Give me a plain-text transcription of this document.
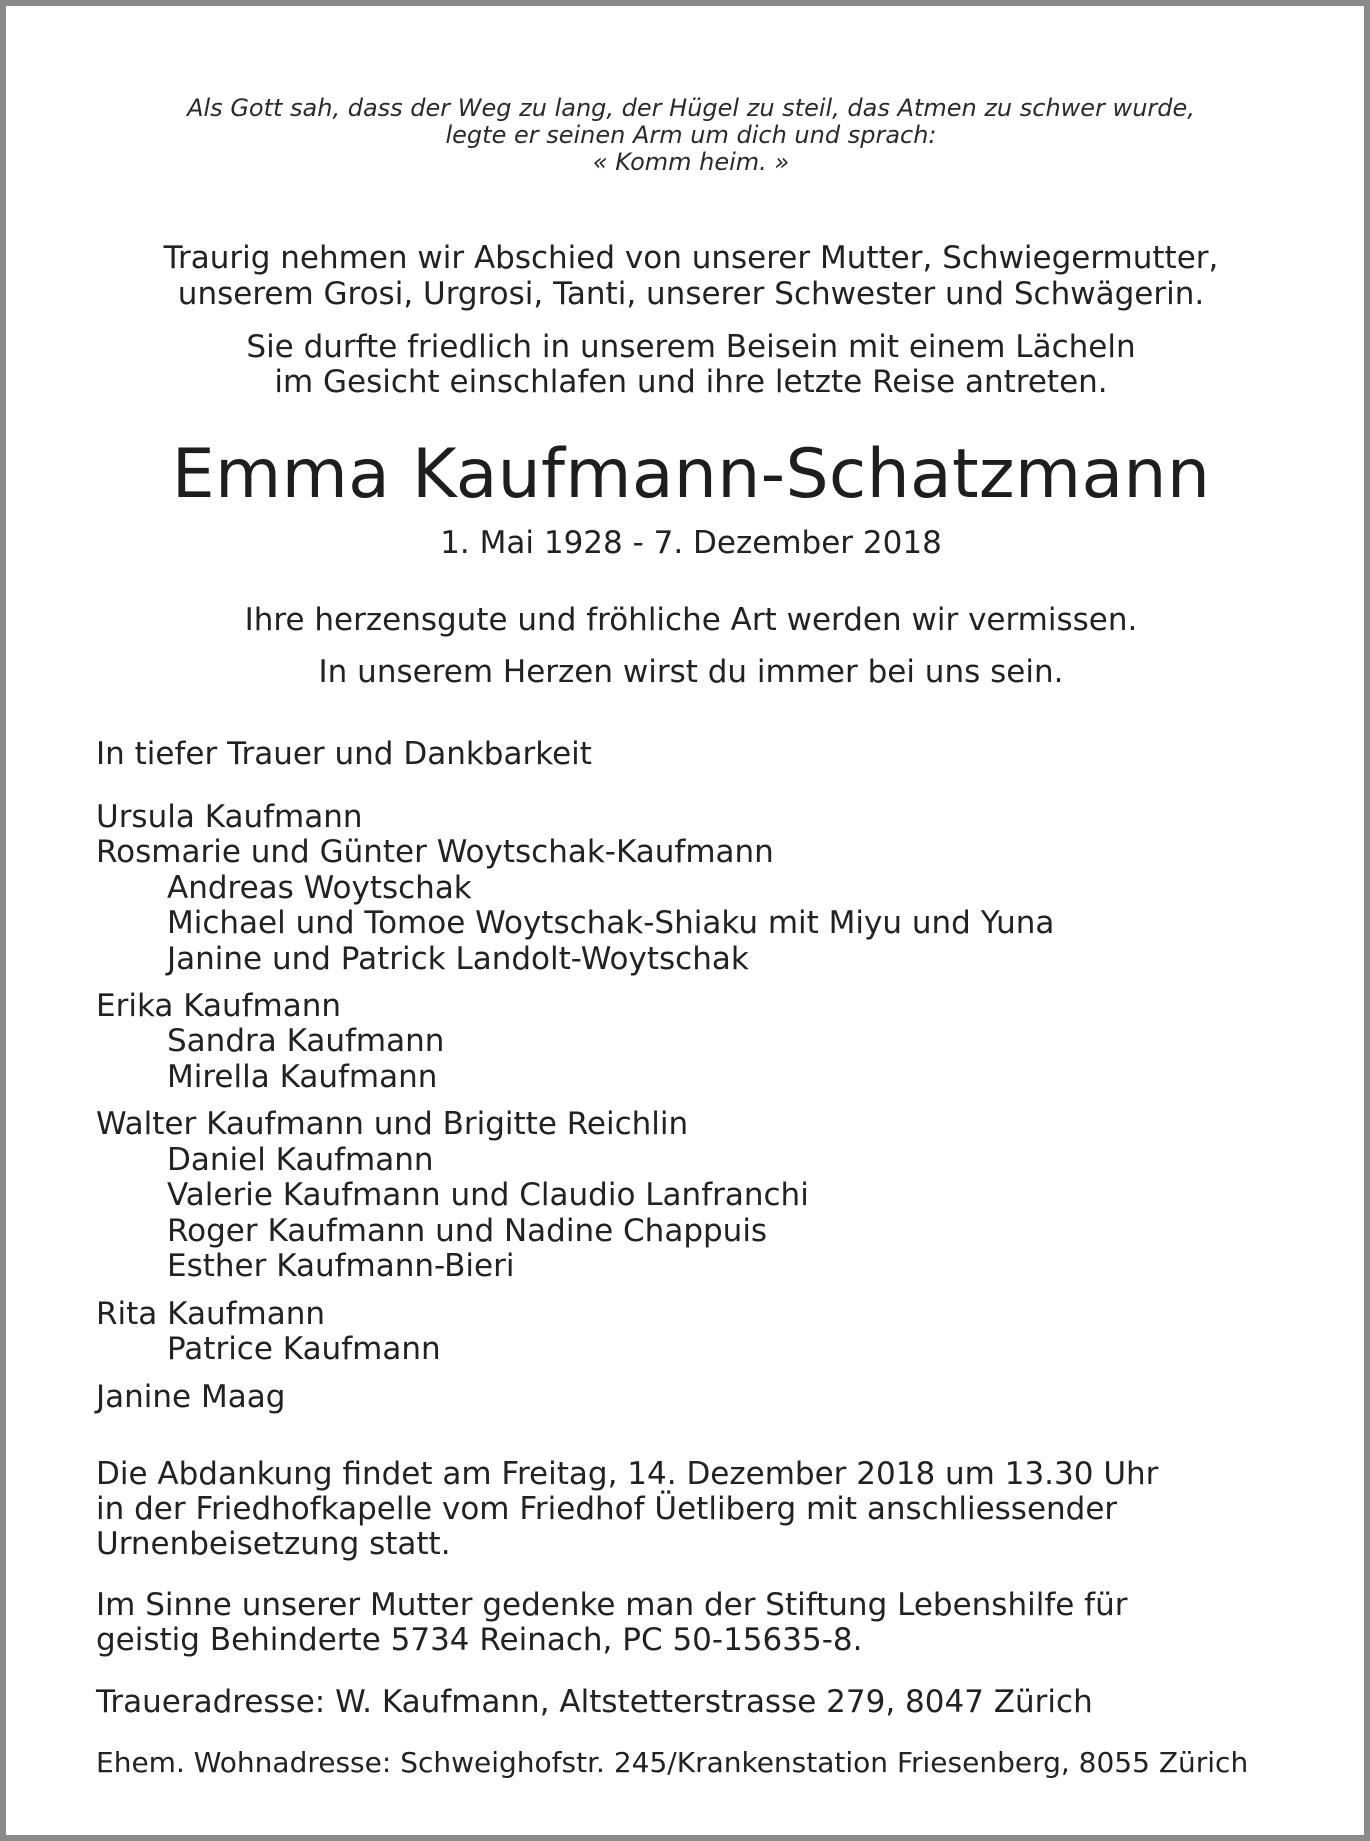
Als Gott sah, dass der Weg zu lang, der Hügel zu steil, das Atmen zu schwer wurde,
legte er seinen Arm um dich und sprach:
« Komm heim. »
Traurig nehmen wir Abschied von unserer Mutter, Schwiegermutter,
unserem Grosi, Urgrosi, Tanti, unserer Schwester und Schwägerin.
Sie durfte friedlich in unserem Beisein mit einem Lächeln
im Gesicht einschlafen und ihre letzte Reise antreten.
Emma Kaufmann-Schatzmann
1. Mai 1928 - 7. Dezember 2018
Ihre herzensgute und fröhliche Art werden wir vermissen.
In unserem Herzen wirst du immer bei uns sein.
In tiefer Trauer und Dankbarkeit
Ursula Kaufmann
Rosmarie und Günter Woytschak-Kaufmann
Andreas Woytschak
Michael und Tomoe Woytschak-Shiaku mit Miyu und Yuna
Janine und Patrick Landolt-Woytschak
Erika Kaufmann
Sandra Kaufmann
Mirella Kaufmann
Walter Kaufmann und Brigitte Reichlin
Daniel Kaufmann
Valerie Kaufmann und Claudio Lanfranchi
Roger Kaufmann und Nadine Chappuis
Esther Kaufmann-Bieri
Rita Kaufmann
Patrice Kaufmann
Janine Maag
Die Abdankung findet am Freitag, 14. Dezember 2018 um 13.30 Uhr
in der Friedhofkapelle vom Friedhof Üetliberg mit anschliessender
Urnenbeisetzung statt.
Im Sinne unserer Mutter gedenke man der Stiftung Lebenshilfe für
geistig Behinderte 5734 Reinach, PC 50-15635-8.
Traueradresse: W. Kaufmann, Altstetterstrasse 279, 8047 Zürich
Ehem. Wohnadresse: Schweighofstr. 245/Krankenstation Friesenberg, 8055 Zürich
